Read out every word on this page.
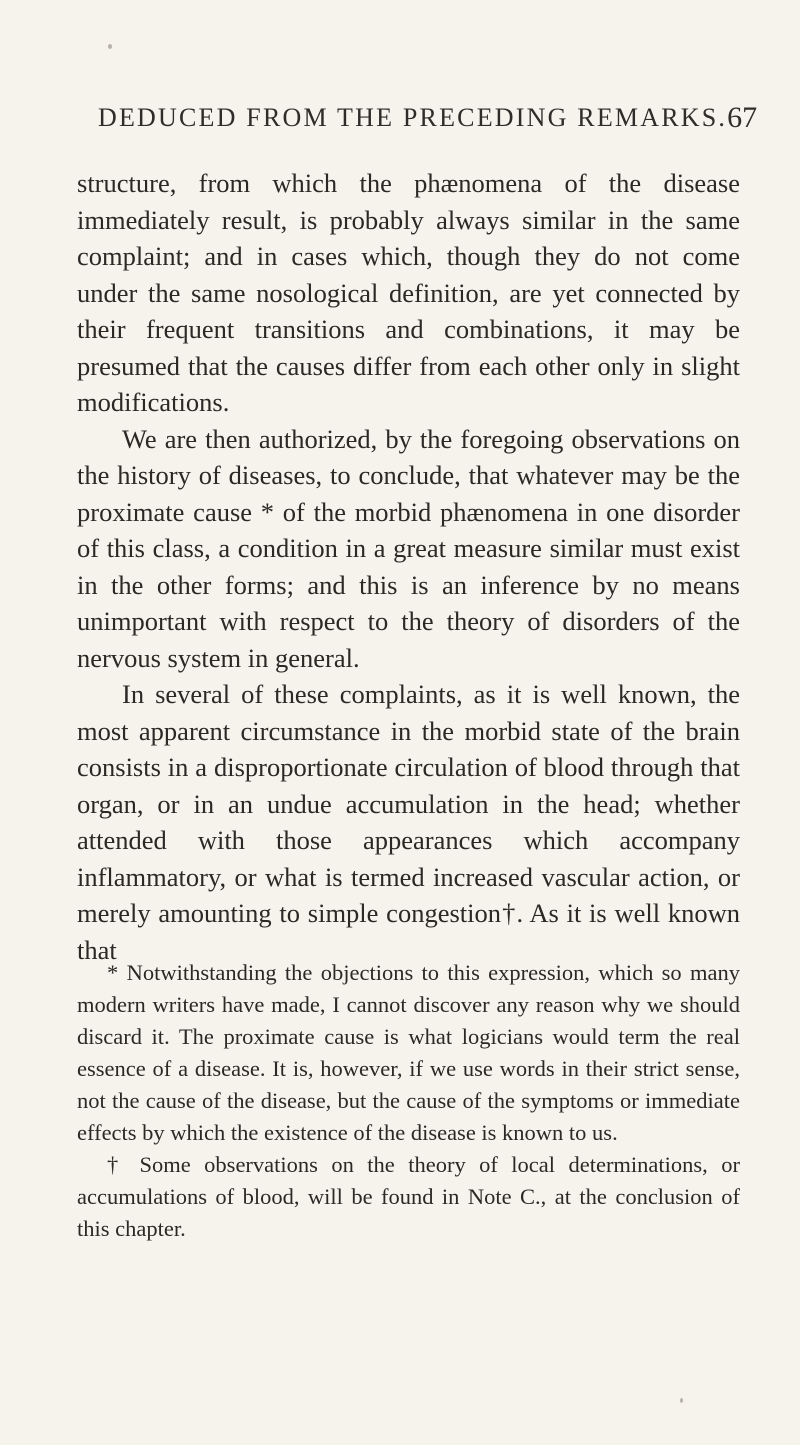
DEDUCED FROM THE PRECEDING REMARKS. 67

structure, from which the phænomena of the disease immediately result, is probably always similar in the same complaint; and in cases which, though they do not come under the same nosological definition, are yet connected by their frequent transitions and combinations, it may be presumed that the causes differ from each other only in slight modifications.

We are then authorized, by the foregoing observations on the history of diseases, to conclude, that whatever may be the proximate cause * of the morbid phænomena in one disorder of this class, a condition in a great measure similar must exist in the other forms; and this is an inference by no means unimportant with respect to the theory of disorders of the nervous system in general.

In several of these complaints, as it is well known, the most apparent circumstance in the morbid state of the brain consists in a disproportionate circulation of blood through that organ, or in an undue accumulation in the head; whether attended with those appearances which accompany inflammatory, or what is termed increased vascular action, or merely amounting to simple congestion†. As it is well known that

* Notwithstanding the objections to this expression, which so many modern writers have made, I cannot discover any reason why we should discard it. The proximate cause is what logicians would term the real essence of a disease. It is, however, if we use words in their strict sense, not the cause of the disease, but the cause of the symptoms or immediate effects by which the existence of the disease is known to us.

† Some observations on the theory of local determinations, or accumulations of blood, will be found in Note C., at the conclusion of this chapter.
